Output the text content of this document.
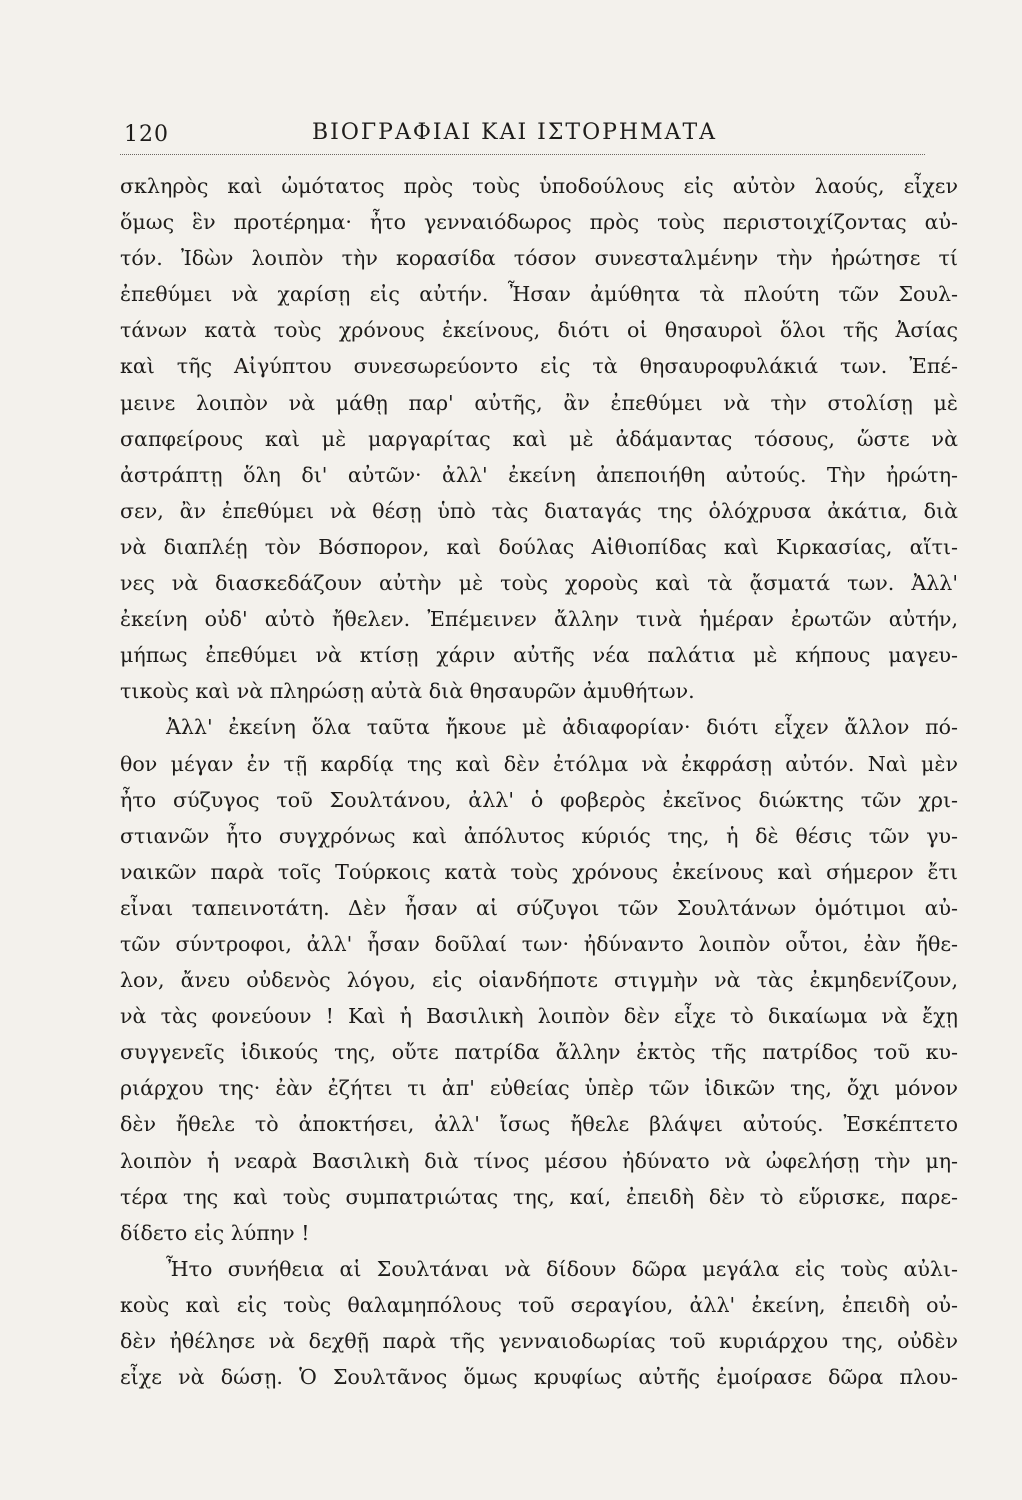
120	ΒΙΟΓΡΑΦΙΑΙ ΚΑΙ ΙΣΤΟΡΗΜΑΤΑ
σκληρὸς καὶ ὠμότατος πρὸς τοὺς ὑποδούλους εἰς αὐτὸν λαούς, εἶχεν
ὅμως ἓν προτέρημα· ἦτο γενναιόδωρος πρὸς τοὺς περιστοιχίζοντας αὐ-
τόν. Ἰδὼν λοιπὸν τὴν κορασίδα τόσον συνεσταλμένην τὴν ἠρώτησε τί
ἐπεθύμει νὰ χαρίσῃ εἰς αὐτήν. Ἦσαν ἀμύθητα τὰ πλούτη τῶν Σουλ-
τάνων κατὰ τοὺς χρόνους ἐκείνους, διότι οἱ θησαυροὶ ὅλοι τῆς Ἀσίας
καὶ τῆς Αἰγύπτου συνεσωρεύοντο εἰς τὰ θησαυροφυλάκιά των. Ἐπέ-
μεινε λοιπὸν νὰ μάθῃ παρ' αὐτῆς, ἂν ἐπεθύμει νὰ τὴν στολίσῃ μὲ
σαπφείρους καὶ μὲ μαργαρίτας καὶ μὲ ἀδάμαντας τόσους, ὥστε νὰ
ἀστράπτῃ ὅλη δι' αὐτῶν· ἀλλ' ἐκείνη ἀπεποιήθη αὐτούς. Τὴν ἠρώτη-
σεν, ἂν ἐπεθύμει νὰ θέσῃ ὑπὸ τὰς διαταγάς της ὁλόχρυσα ἀκάτια, διὰ
νὰ διαπλέῃ τὸν Βόσπορον, καὶ δούλας Αἰθιοπίδας καὶ Κιρκασίας, αἵτι-
νες νὰ διασκεδάζουν αὐτὴν μὲ τοὺς χοροὺς καὶ τὰ ᾄσματά των. Ἀλλ'
ἐκείνη οὐδ' αὐτὸ ἤθελεν. Ἐπέμεινεν ἄλλην τινὰ ἡμέραν ἐρωτῶν αὐτήν,
μήπως ἐπεθύμει νὰ κτίσῃ χάριν αὐτῆς νέα παλάτια μὲ κήπους μαγευ-
τικοὺς καὶ νὰ πληρώσῃ αὐτὰ διὰ θησαυρῶν ἀμυθήτων.
Ἀλλ' ἐκείνη ὅλα ταῦτα ἤκουε μὲ ἀδιαφορίαν· διότι εἶχεν ἄλλον πό-
θον μέγαν ἐν τῇ καρδίᾳ της καὶ δὲν ἐτόλμα νὰ ἐκφράσῃ αὐτόν. Ναὶ μὲν
ἦτο σύζυγος τοῦ Σουλτάνου, ἀλλ' ὁ φοβερὸς ἐκεῖνος διώκτης τῶν χρι-
στιανῶν ἦτο συγχρόνως καὶ ἀπόλυτος κύριός της, ἡ δὲ θέσις τῶν γυ-
ναικῶν παρὰ τοῖς Τούρκοις κατὰ τοὺς χρόνους ἐκείνους καὶ σήμερον ἔτι
εἶναι ταπεινοτάτη. Δὲν ἦσαν αἱ σύζυγοι τῶν Σουλτάνων ὁμότιμοι αὐ-
τῶν σύντροφοι, ἀλλ' ἦσαν δοῦλαί των· ἠδύναντο λοιπὸν οὗτοι, ἐὰν ἤθε-
λον, ἄνευ οὐδενὸς λόγου, εἰς οἱανδήποτε στιγμὴν νὰ τὰς ἐκμηδενίζουν,
νὰ τὰς φονεύουν ! Καὶ ἡ Βασιλικὴ λοιπὸν δὲν εἶχε τὸ δικαίωμα νὰ ἔχῃ
συγγενεῖς ἰδικούς της, οὔτε πατρίδα ἄλλην ἐκτὸς τῆς πατρίδος τοῦ κυ-
ριάρχου της· ἐὰν ἐζήτει τι ἀπ' εὐθείας ὑπὲρ τῶν ἰδικῶν της, ὄχι μόνον
δὲν ἤθελε τὸ ἀποκτήσει, ἀλλ' ἴσως ἤθελε βλάψει αὐτούς. Ἐσκέπτετο
λοιπὸν ἡ νεαρὰ Βασιλικὴ διὰ τίνος μέσου ἠδύνατο νὰ ὠφελήσῃ τὴν μη-
τέρα της καὶ τοὺς συμπατριώτας της, καί, ἐπειδὴ δὲν τὸ εὕρισκε, παρε-
δίδετο εἰς λύπην !
Ἦτο συνήθεια αἱ Σουλτάναι νὰ δίδουν δῶρα μεγάλα εἰς τοὺς αὐλι-
κοὺς καὶ εἰς τοὺς θαλαμηπόλους τοῦ σεραγίου, ἀλλ' ἐκείνη, ἐπειδὴ οὐ-
δὲν ἠθέλησε νὰ δεχθῇ παρὰ τῆς γενναιοδωρίας τοῦ κυριάρχου της, οὐδὲν
εἶχε νὰ δώσῃ. Ὁ Σουλτᾶνος ὅμως κρυφίως αὐτῆς ἐμοίρασε δῶρα πλου-
